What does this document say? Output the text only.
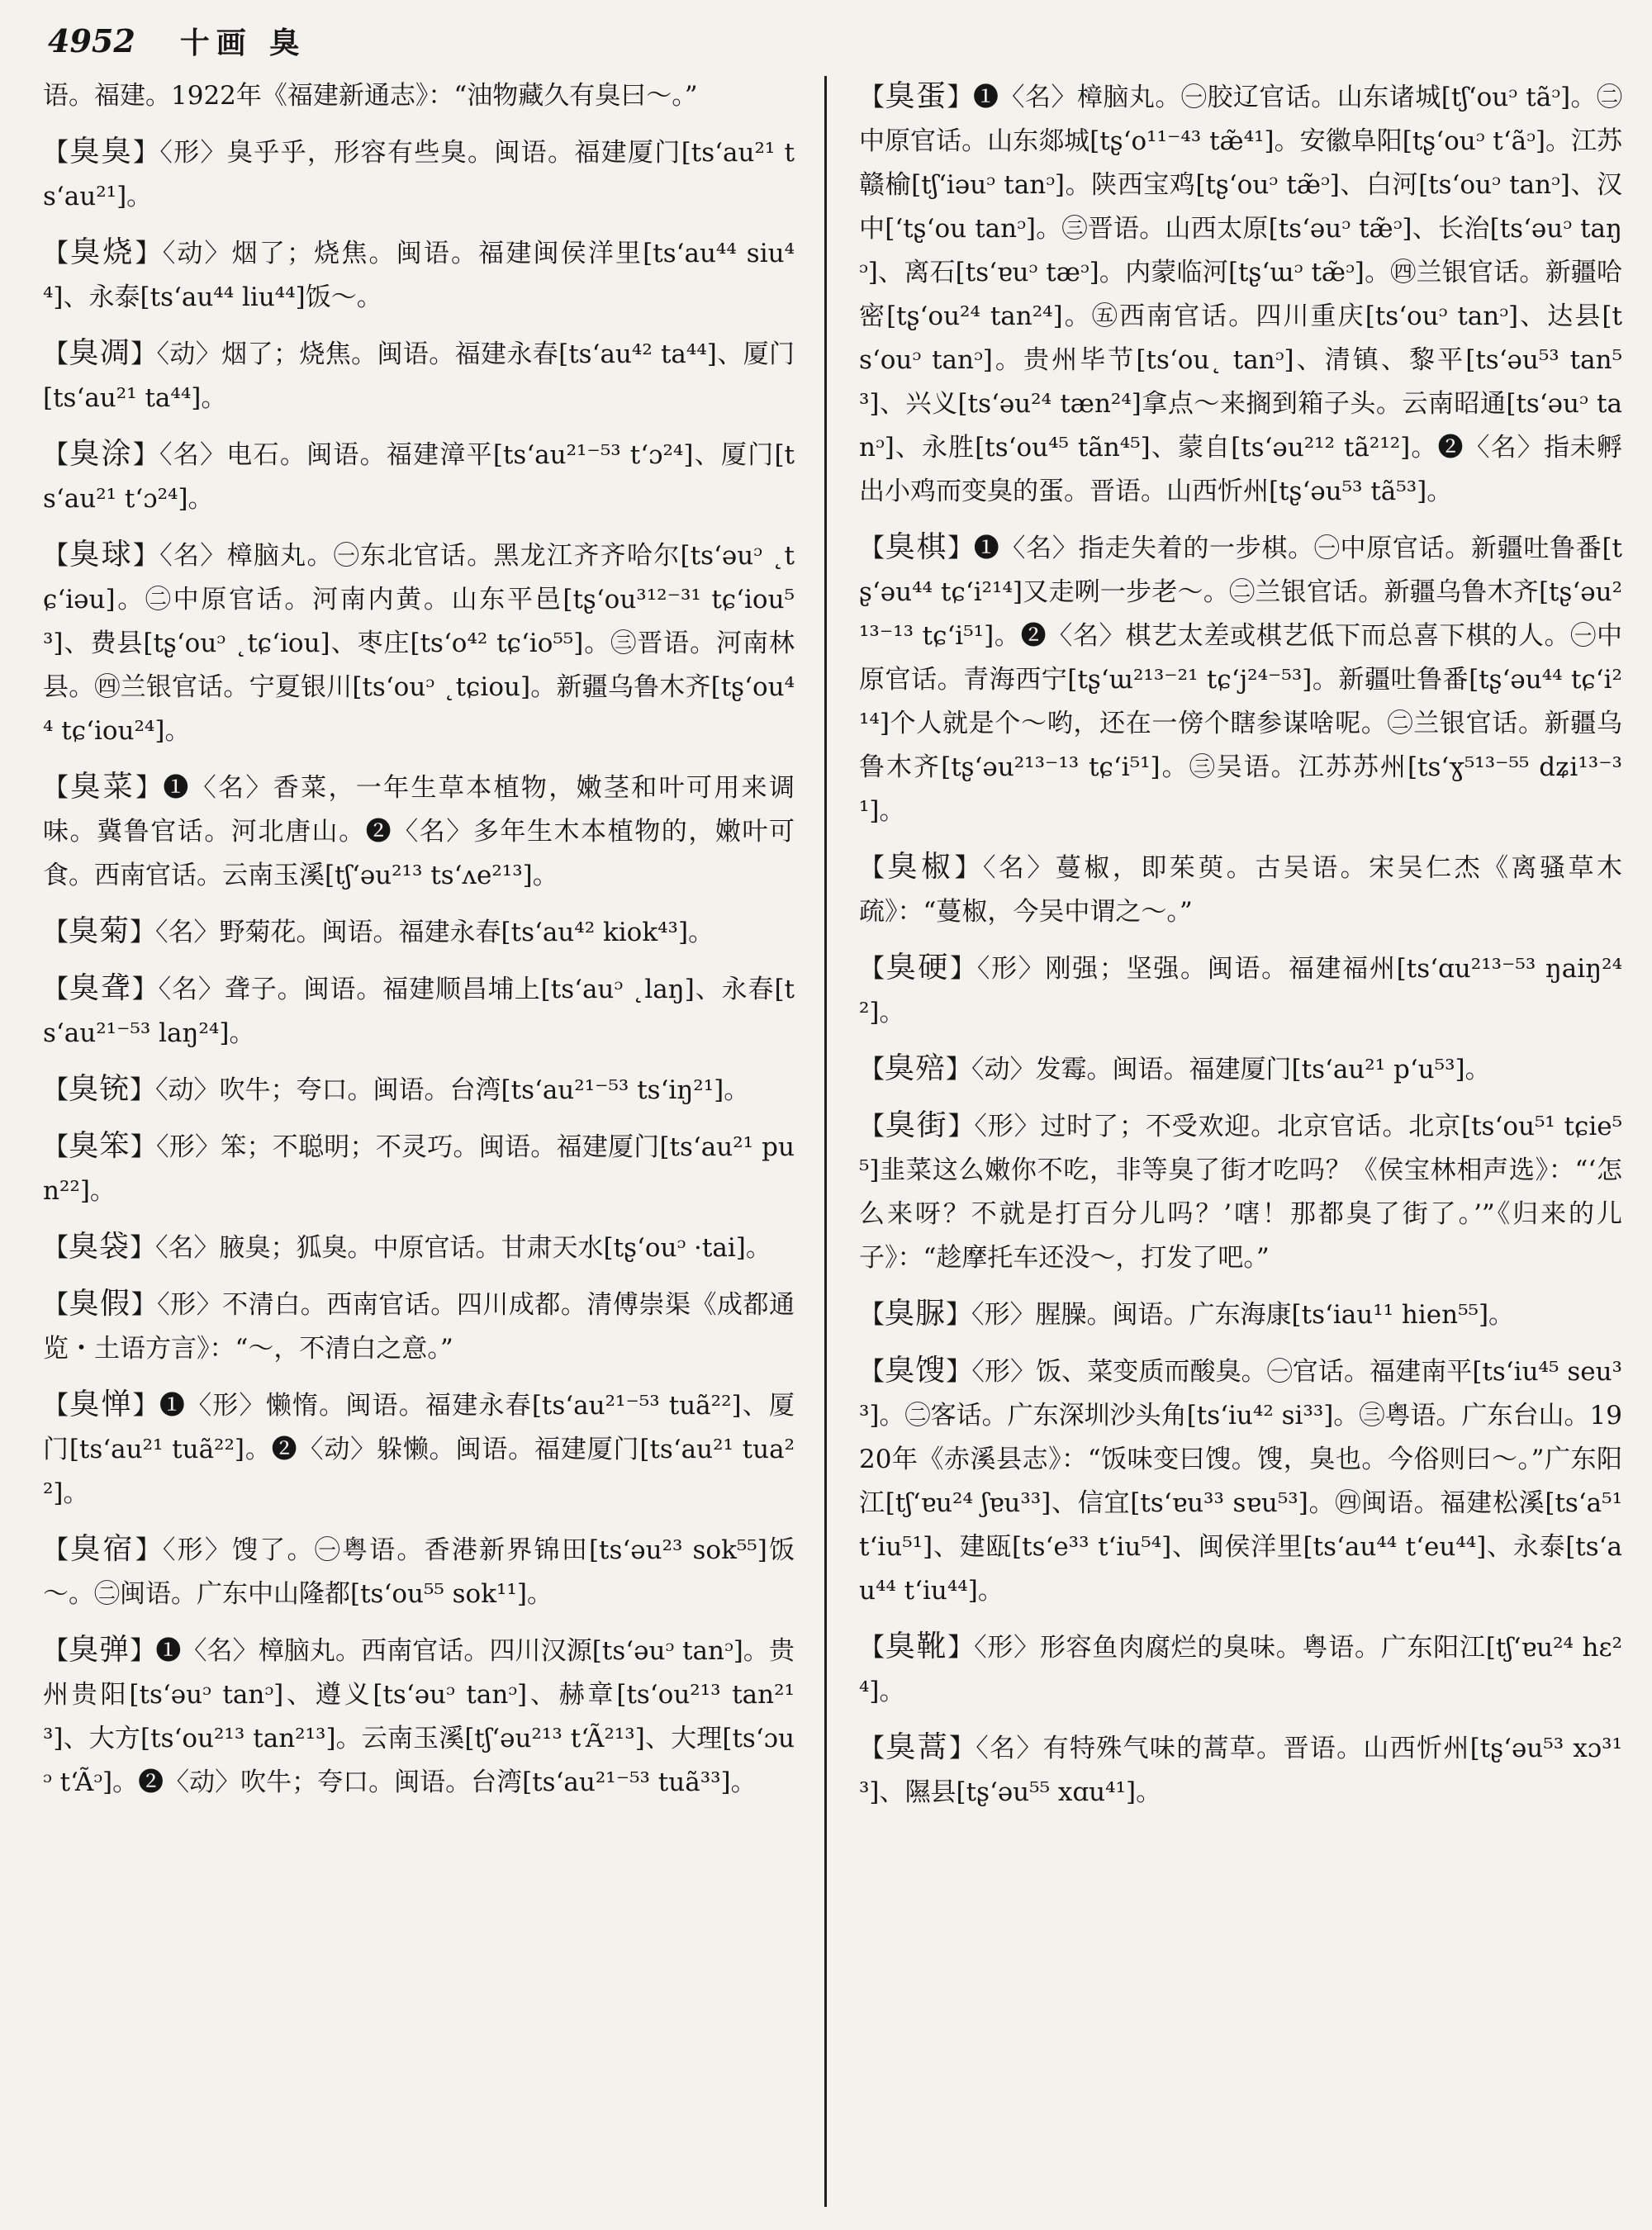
4952 十画 臭
语。福建。1922年《福建新通志》：“油物藏久有臭曰～。”
【臭臭】〈形〉臭乎乎，形容有些臭。闽语。福建厦门[ts‘au²¹ ts‘au²¹]。
【臭烧】〈动〉烟了；烧焦。闽语。福建闽侯洋里[ts‘au⁴⁴ siu⁴⁴]、永泰[ts‘au⁴⁴ liu⁴⁴]饭～。
【臭凋】〈动〉烟了；烧焦。闽语。福建永春[ts‘au⁴² ta⁴⁴]、厦门[ts‘au²¹ ta⁴⁴]。
【臭涂】〈名〉电石。闽语。福建漳平[ts‘au²¹⁻⁵³ t‘ɔ²⁴]、厦门[ts‘au²¹ t‘ɔ²⁴]。
【臭球】〈名〉樟脑丸。㊀东北官话。黑龙江齐齐哈尔[ts‘əuᵓ ˛tɕ‘iəu]。㊁中原官话。河南内黄。山东平邑[tʂ‘ou³¹²⁻³¹ tɕ‘iou⁵³]、费县[tʂ‘ouᵓ ˛tɕ‘iou]、枣庄[ts‘o⁴² tɕ‘io⁵⁵]。㊂晋语。河南林县。㊃兰银官话。宁夏银川[ts‘ouᵓ ˛tɕiou]。新疆乌鲁木齐[tʂ‘ou⁴⁴ tɕ‘iou²⁴]。
【臭菜】❶〈名〉香菜，一年生草本植物，嫩茎和叶可用来调味。冀鲁官话。河北唐山。❷〈名〉多年生木本植物的，嫩叶可食。西南官话。云南玉溪[tʃ‘əu²¹³ ts‘ʌe²¹³]。
【臭菊】〈名〉野菊花。闽语。福建永春[ts‘au⁴² kiok⁴³]。
【臭聋】〈名〉聋子。闽语。福建顺昌埔上[ts‘auᵓ ˛laŋ]、永春[ts‘au²¹⁻⁵³ laŋ²⁴]。
【臭铳】〈动〉吹牛；夸口。闽语。台湾[ts‘au²¹⁻⁵³ ts‘iŋ²¹]。
【臭笨】〈形〉笨；不聪明；不灵巧。闽语。福建厦门[ts‘au²¹ pun²²]。
【臭袋】〈名〉腋臭；狐臭。中原官话。甘肃天水[tʂ‘ouᵓ ·tai]。
【臭假】〈形〉不清白。西南官话。四川成都。清傅崇渠《成都通览・土语方言》：“～，不清白之意。”
【臭惮】❶〈形〉懒惰。闽语。福建永春[ts‘au²¹⁻⁵³ tuã²²]、厦门[ts‘au²¹ tuã²²]。❷〈动〉躲懒。闽语。福建厦门[ts‘au²¹ tua²²]。
【臭宿】〈形〉馊了。㊀粤语。香港新界锦田[ts‘əu²³ sok⁵⁵]饭～。㊁闽语。广东中山隆都[ts‘ou⁵⁵ sok¹¹]。
【臭弹】❶〈名〉樟脑丸。西南官话。四川汉源[ts‘əuᵓ tanᵓ]。贵州贵阳[ts‘əuᵓ tanᵓ]、遵义[ts‘əuᵓ tanᵓ]、赫章[ts‘ou²¹³ tan²¹³]、大方[ts‘ou²¹³ tan²¹³]。云南玉溪[tʃ‘əu²¹³ t‘Ã²¹³]、大理[ts‘ɔuᵓ t‘Ãᵓ]。❷〈动〉吹牛；夸口。闽语。台湾[ts‘au²¹⁻⁵³ tuã³³]。
【臭蛋】❶〈名〉樟脑丸。㊀胶辽官话。山东诸城[tʃ‘ouᵓ tãᵓ]。㊁中原官话。山东郯城[tʂ‘o¹¹⁻⁴³ tæ̃⁴¹]。安徽阜阳[tʂ‘ouᵓ t‘ãᵓ]。江苏赣榆[tʃ‘iəuᵓ tanᵓ]。陕西宝鸡[tʂ‘ouᵓ tæ̃ᵓ]、白河[ts‘ouᵓ tanᵓ]、汉中[‘tʂ‘ou tanᵓ]。㊂晋语。山西太原[ts‘əuᵓ tæ̃ᵓ]、长治[ts‘əuᵓ taŋᵓ]、离石[ts‘ɐuᵓ tæᵓ]。内蒙临河[tʂ‘ɯᵓ tæ̃ᵓ]。㊃兰银官话。新疆哈密[tʂ‘ou²⁴ tan²⁴]。㊄西南官话。四川重庆[ts‘ouᵓ tanᵓ]、达县[ts‘ouᵓ tanᵓ]。贵州毕节[ts‘ou˛ tanᵓ]、清镇、黎平[ts‘əu⁵³ tan⁵³]、兴义[ts‘əu²⁴ tæn²⁴]拿点～来搁到箱子头。云南昭通[ts‘əuᵓ tanᵓ]、永胜[ts‘ou⁴⁵ tãn⁴⁵]、蒙自[ts‘əu²¹² tã²¹²]。❷〈名〉指未孵出小鸡而变臭的蛋。晋语。山西忻州[tʂ‘əu⁵³ tã⁵³]。
【臭棋】❶〈名〉指走失着的一步棋。㊀中原官话。新疆吐鲁番[tʂ‘əu⁴⁴ tɕ‘i²¹⁴]又走咧一步老～。㊁兰银官话。新疆乌鲁木齐[tʂ‘əu²¹³⁻¹³ tɕ‘i⁵¹]。❷〈名〉棋艺太差或棋艺低下而总喜下棋的人。㊀中原官话。青海西宁[tʂ‘ɯ²¹³⁻²¹ tɕ‘j²⁴⁻⁵³]。新疆吐鲁番[tʂ‘əu⁴⁴ tɕ‘i²¹⁴]个人就是个～哟，还在一傍个瞎参谋啥呢。㊁兰银官话。新疆乌鲁木齐[tʂ‘əu²¹³⁻¹³ tɕ‘i⁵¹]。㊂吴语。江苏苏州[ts‘ɣ⁵¹³⁻⁵⁵ dʑi¹³⁻³¹]。
【臭椒】〈名〉蔓椒，即茱萸。古吴语。宋吴仁杰《离骚草木疏》：“蔓椒，今吴中谓之～。”
【臭硬】〈形〉刚强；坚强。闽语。福建福州[ts‘ɑu²¹³⁻⁵³ ŋaiŋ²⁴²]。
【臭殕】〈动〉发霉。闽语。福建厦门[ts‘au²¹ p‘u⁵³]。
【臭街】〈形〉过时了；不受欢迎。北京官话。北京[ts‘ou⁵¹ tɕie⁵⁵]韭菜这么嫩你不吃，非等臭了街才吃吗？《侯宝林相声选》：“‘怎么来呀？不就是打百分儿吗？’嗐！那都臭了街了。’”《归来的儿子》：“趁摩托车还没～，打发了吧。”
【臭脲】〈形〉腥臊。闽语。广东海康[ts‘iau¹¹ hien⁵⁵]。
【臭馊】〈形〉饭、菜变质而酸臭。㊀官话。福建南平[ts‘iu⁴⁵ seu³³]。㊁客话。广东深圳沙头角[ts‘iu⁴² si³³]。㊂粤语。广东台山。1920年《赤溪县志》：“饭味变曰馊。馊，臭也。今俗则曰～。”广东阳江[tʃ‘ɐu²⁴ ʃɐu³³]、信宜[ts‘ɐu³³ sɐu⁵³]。㊃闽语。福建松溪[ts‘a⁵¹ t‘iu⁵¹]、建瓯[ts‘e³³ t‘iu⁵⁴]、闽侯洋里[ts‘au⁴⁴ t‘eu⁴⁴]、永泰[ts‘au⁴⁴ t‘iu⁴⁴]。
【臭靴】〈形〉形容鱼肉腐烂的臭味。粤语。广东阳江[tʃ‘ɐu²⁴ hɛ²⁴]。
【臭蒿】〈名〉有特殊气味的蒿草。晋语。山西忻州[tʂ‘əu⁵³ xɔ³¹³]、隰县[tʂ‘əu⁵⁵ xɑu⁴¹]。
